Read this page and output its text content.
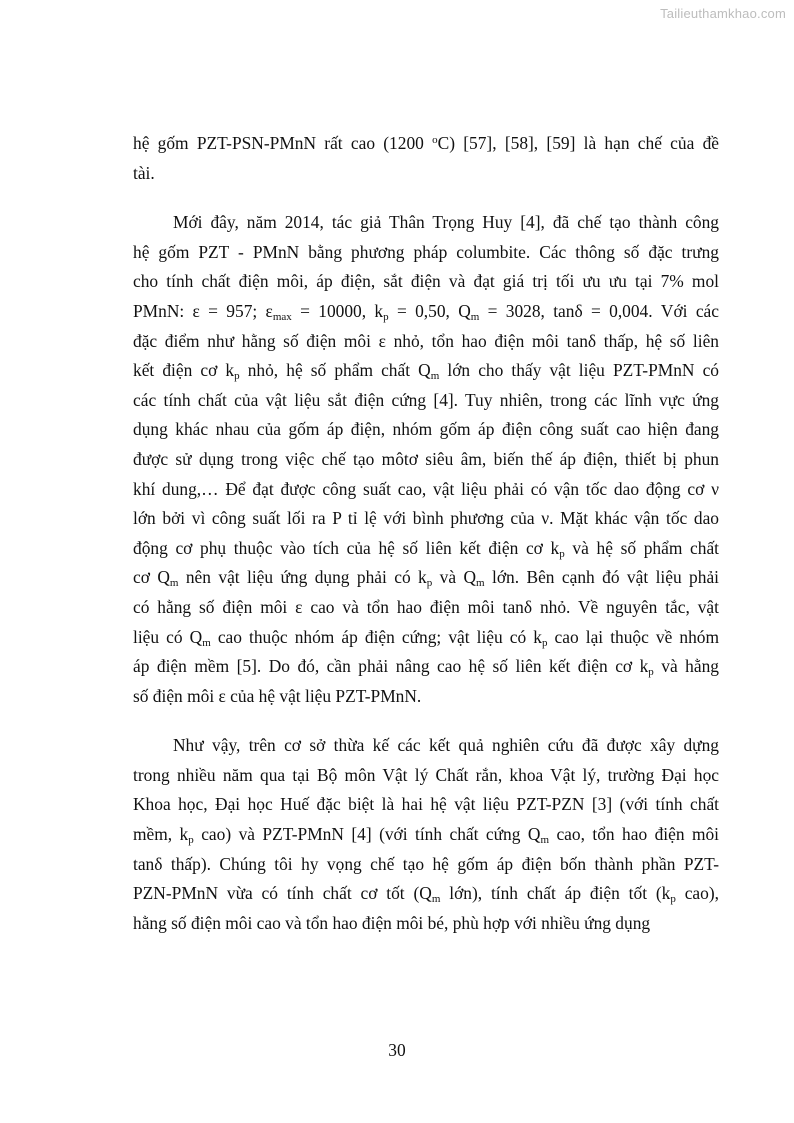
Tailieuthamkhao.com
hệ gốm PZT-PSN-PMnN rất cao (1200 $^o$C) [57], [58], [59] là hạn chế của đề
tài.
Mới đây, năm 2014, tác giả Thân Trọng Huy [4], đã chế tạo thành công
hệ gốm PZT - PMnN bằng phương pháp columbite. Các thông số đặc trưng
cho tính chất điện môi, áp điện, sắt điện và đạt giá trị tối ưu ưu tại 7% mol
PMnN: ε = 957; $\varepsilon_{max} = 10000$, $k_p = 0,50$, $Q_m = 3028$, tanδ = 0,004. Với các
đặc điểm như hằng số điện môi ε nhỏ, tổn hao điện môi tanδ thấp, hệ số liên
kết điện cơ $k_p$ nhỏ, hệ số phẩm chất $Q_m$ lớn cho thấy vật liệu PZT-PMnN có
các tính chất của vật liệu sắt điện cứng [4]. Tuy nhiên, trong các lĩnh vực ứng
dụng khác nhau của gốm áp điện, nhóm gốm áp điện công suất cao hiện đang
được sử dụng trong việc chế tạo môtơ siêu âm, biến thế áp điện, thiết bị phun
khí dung,… Để đạt được công suất cao, vật liệu phải có vận tốc dao động cơ ν
lớn bởi vì công suất lối ra P tỉ lệ với bình phương của ν. Mặt khác vận tốc dao
động cơ phụ thuộc vào tích của hệ số liên kết điện cơ $k_p$ và hệ số phẩm chất
cơ $Q_m$ nên vật liệu ứng dụng phải có $k_p$ và $Q_m$ lớn. Bên cạnh đó vật liệu phải
có hằng số điện môi ε cao và tổn hao điện môi tanδ nhỏ. Về nguyên tắc, vật
liệu có $Q_m$ cao thuộc nhóm áp điện cứng; vật liệu có $k_p$ cao lại thuộc về nhóm
áp điện mềm [5]. Do đó, cần phải nâng cao hệ số liên kết điện cơ $k_p$ và hằng
số điện môi ε của hệ vật liệu PZT-PMnN.
Như vậy, trên cơ sở thừa kế các kết quả nghiên cứu đã được xây dựng
trong nhiều năm qua tại Bộ môn Vật lý Chất rắn, khoa Vật lý, trường Đại học
Khoa học, Đại học Huế đặc biệt là hai hệ vật liệu PZT-PZN [3] (với tính chất
mềm, $k_p$ cao) và PZT-PMnN [4] (với tính chất cứng $Q_m$ cao, tổn hao điện môi
tanδ thấp). Chúng tôi hy vọng chế tạo hệ gốm áp điện bốn thành phần PZT-
PZN-PMnN vừa có tính chất cơ tốt ($Q_m$ lớn), tính chất áp điện tốt ($k_p$ cao),
hằng số điện môi cao và tổn hao điện môi bé, phù hợp với nhiều ứng dụng
30
